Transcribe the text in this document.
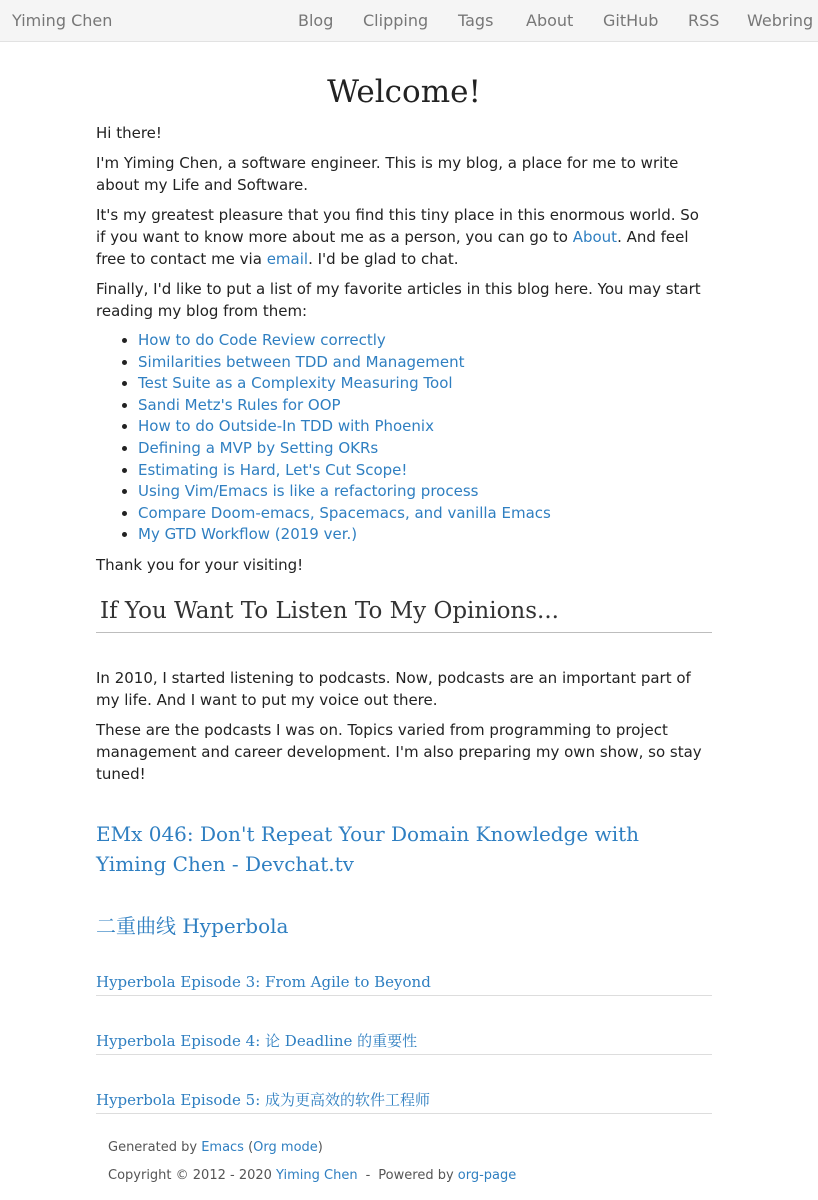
Yiming Chen	Blog Clipping Tags About GitHub RSS Webring
Welcome!

Hi there!

I'm Yiming Chen, a software engineer. This is my blog, a place for me to write about my Life and Software.

It's my greatest pleasure that you find this tiny place in this enormous world. So if you want to know more about me as a person, you can go to About. And feel free to contact me via email. I'd be glad to chat.

Finally, I'd like to put a list of my favorite articles in this blog here. You may start reading my blog from them:

• How to do Code Review correctly
• Similarities between TDD and Management
• Test Suite as a Complexity Measuring Tool
• Sandi Metz's Rules for OOP
• How to do Outside-In TDD with Phoenix
• Defining a MVP by Setting OKRs
• Estimating is Hard, Let's Cut Scope!
• Using Vim/Emacs is like a refactoring process
• Compare Doom-emacs, Spacemacs, and vanilla Emacs
• My GTD Workflow (2019 ver.)

Thank you for your visiting!

If You Want To Listen To My Opinions...

In 2010, I started listening to podcasts. Now, podcasts are an important part of my life. And I want to put my voice out there.

These are the podcasts I was on. Topics varied from programming to project management and career development. I'm also preparing my own show, so stay tuned!

EMx 046: Don't Repeat Your Domain Knowledge with Yiming Chen - Devchat.tv
二重曲线 Hyperbola
Hyperbola Episode 3: From Agile to Beyond
Hyperbola Episode 4: 论 Deadline 的重要性
Hyperbola Episode 5: 成为更高效的软件工程师
Generated by Emacs (Org mode)
Copyright © 2012 - 2020 Yiming Chen - Powered by org-page
